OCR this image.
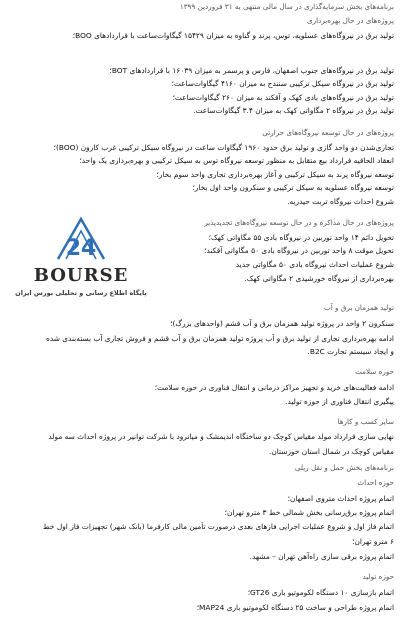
برنامه‌های بخش سرمایه‌گذاری در سال مالی منتهی به ۳۱ فروردین ۱۳۹۹
پروژه‌های در حال بهره‌برداری
تولید برق در نیروگاه‌های عسلویه، توس، پرند و گناوه به میزان ۱۵۴۲۹ گیگاوات‌ساعت با قراردادهای BOO؛
تولید برق در نیروگاه‌های جنوب اصفهان، فارس و پرسمر به میزان ۱۶۰۳۹ با قراردادهای BOT؛
تولید برق در نیروگاه سیکل ترکیبی سنندج به میزان ۴۱۶۰ گیگاوات‌ساعت؛
تولید برق در نیروگاه‌های بادی کهک و آقکند به میزان ۲۶۰ گیگاوات‌ساعت؛
تولید برق در نیروگاه ۲ مگاواتی کهک به میزان ۳.۴ گیگاوات‌ساعت.
پروژه‌های در حال توسعه نیروگاه‌های حرارتی
تجاری‌شدن دو واحد گازی و تولید برق حدود ۱۹۶۰ گیگاوات ساعت در نیروگاه سیکل ترکیبی غرب کارون (BOO)؛
انعقاد الحاقیه قرارداد بیع متقابل به منظور توسعه نیروگاه توس به سیکل ترکیبی و بهره‌برداری یک واحد؛
توسعه نیروگاه پرند به سیکل ترکیبی و آغاز بهره‌برداری تجاری واحد سوم بخار؛
توسعه نیروگاه عسلویه به سیکل ترکیبی و سنکرون واحد اول بخار؛
شروع احداث نیروگاه تربت حیدریه.
پروژه‌های در حال مذاکره و در حال توسعه نیروگاه‌های تجدیدپذیر
تحویل دائم ۱۴ واحد توربین در نیروگاه بادی ۵۵ مگاواتی کهک؛
تحویل موقت ۸ واحد توربین در نیروگاه بادی ۵۰ مگاواتی آقکند؛
شروع عملیات احداث نیروگاه بادی ۵۰ مگاواتی جدید
بهره‌برداری از نیروگاه خورشیدی ۲ مگاواتی کهک.
24
BOURSE
پایگاه اطلاع رسانی و تحلیلی بورس ایران
تولید همزمان برق و آب
سنکرون ۲ واحد در پروژه تولید همزمان برق و آب قشم (واحدهای بزرگ)؛
ادامه بهره‌برداری تجاری از تولید برق و آب پروژه تولید همزمان برق و آب قشم و فروش تجاری آب بسته‌بندی شده
و ایجاد سیستم تجارت B2C.
حوزه سلامت
ادامه فعالیت‌های خرید و تجهیز مراکز درمانی و انتقال فناوری در حوزه سلامت؛
پیگیری انتقال فناوری از حوزه تولید.
سایر کسب و کارها
نهایی سازی قرارداد مولد مقیاس کوچک دو ساختگاه اندیمشک و میانرود با شرکت توانیر در پروژه احداث سه مولد
مقیاس کوچک در شمال استان خوزستان.
برنامه‌های بخش حمل و نقل ریلی
حوزه احداث
اتمام پروژه احداث متروی اصفهان؛
اتمام پروژه برق‌رسانی بخش شمالی خط ۳ مترو تهران؛
اتمام فاز اول و شروع عملیات اجرایی فازهای بعدی درصورت تأمین مالی کارفرما (بانک شهر) تجهیزات فاز اول خط
۶ مترو تهران؛
اتمام پروژه برقی سازی راه‌آهن تهران – مشهد.
حوزه تولید
اتمام بازسازی ۱۰ دستگاه لکوموتیو باری GT26؛
اتمام پروژه طراحی و ساخت ۲۵ دستگاه لکوموتیو باری MAP24؛
